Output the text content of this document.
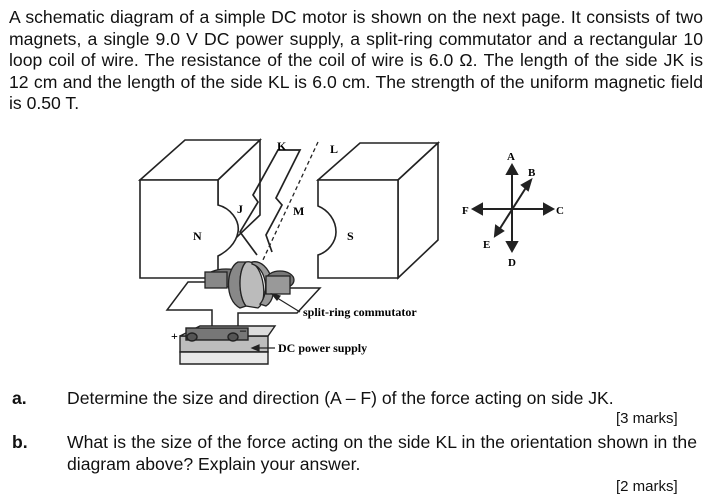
A schematic diagram of a simple DC motor is shown on the next page. It consists of two magnets, a single 9.0 V DC power supply, a split-ring commutator and a rectangular 10 loop coil of wire. The resistance of the coil of wire is 6.0 Ω. The length of the side JK is 12 cm and the length of the side KL is 6.0 cm. The strength of the uniform magnetic field is 0.50 T.

+	–
K	L
J	M
N	S
split-ring commutator
DC power supply
A
B
C
D
E
F
a. Determine the size and direction (A – F) of the force acting on side JK.
[3 marks]
b. What is the size of the force acting on the side KL in the orientation shown in the diagram above? Explain your answer.
[2 marks]
